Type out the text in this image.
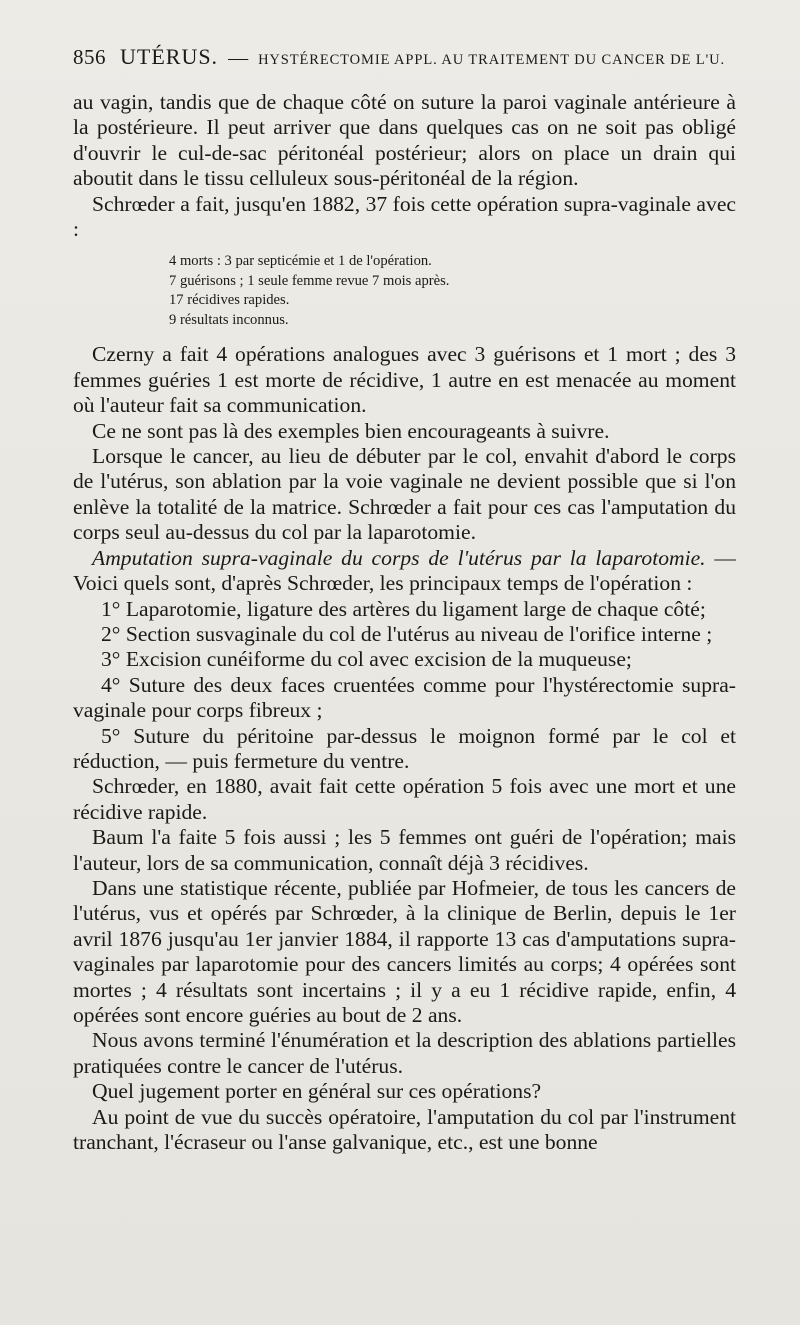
856 UTÉRUS. — HYSTÉRECTOMIE APPL. AU TRAITEMENT DU CANCER DE L'U.

au vagin, tandis que de chaque côté on suture la paroi vaginale antérieure à la postérieure. Il peut arriver que dans quelques cas on ne soit pas obligé d'ouvrir le cul-de-sac péritonéal postérieur; alors on place un drain qui aboutit dans le tissu celluleux sous-péritonéal de la région.

Schrœder a fait, jusqu'en 1882, 37 fois cette opération supra-vaginale avec :

4 morts : 3 par septicémie et 1 de l'opération.
7 guérisons ; 1 seule femme revue 7 mois après.
17 récidives rapides.
9 résultats inconnus.

Czerny a fait 4 opérations analogues avec 3 guérisons et 1 mort ; des 3 femmes guéries 1 est morte de récidive, 1 autre en est menacée au moment où l'auteur fait sa communication.

Ce ne sont pas là des exemples bien encourageants à suivre.

Lorsque le cancer, au lieu de débuter par le col, envahit d'abord le corps de l'utérus, son ablation par la voie vaginale ne devient possible que si l'on enlève la totalité de la matrice. Schrœder a fait pour ces cas l'amputation du corps seul au-dessus du col par la laparotomie.

Amputation supra-vaginale du corps de l'utérus par la laparotomie. — Voici quels sont, d'après Schrœder, les principaux temps de l'opération :

1° Laparotomie, ligature des artères du ligament large de chaque côté;

2° Section susvaginale du col de l'utérus au niveau de l'orifice interne ;

3° Excision cunéiforme du col avec excision de la muqueuse;

4° Suture des deux faces cruentées comme pour l'hystérectomie supra-vaginale pour corps fibreux ;

5° Suture du péritoine par-dessus le moignon formé par le col et réduction, — puis fermeture du ventre.

Schrœder, en 1880, avait fait cette opération 5 fois avec une mort et une récidive rapide.

Baum l'a faite 5 fois aussi ; les 5 femmes ont guéri de l'opération; mais l'auteur, lors de sa communication, connaît déjà 3 récidives.

Dans une statistique récente, publiée par Hofmeier, de tous les cancers de l'utérus, vus et opérés par Schrœder, à la clinique de Berlin, depuis le 1er avril 1876 jusqu'au 1er janvier 1884, il rapporte 13 cas d'amputations supra-vaginales par laparotomie pour des cancers limités au corps; 4 opérées sont mortes ; 4 résultats sont incertains ; il y a eu 1 récidive rapide, enfin, 4 opérées sont encore guéries au bout de 2 ans.

Nous avons terminé l'énumération et la description des ablations partielles pratiquées contre le cancer de l'utérus.

Quel jugement porter en général sur ces opérations?

Au point de vue du succès opératoire, l'amputation du col par l'instrument tranchant, l'écraseur ou l'anse galvanique, etc., est une bonne
